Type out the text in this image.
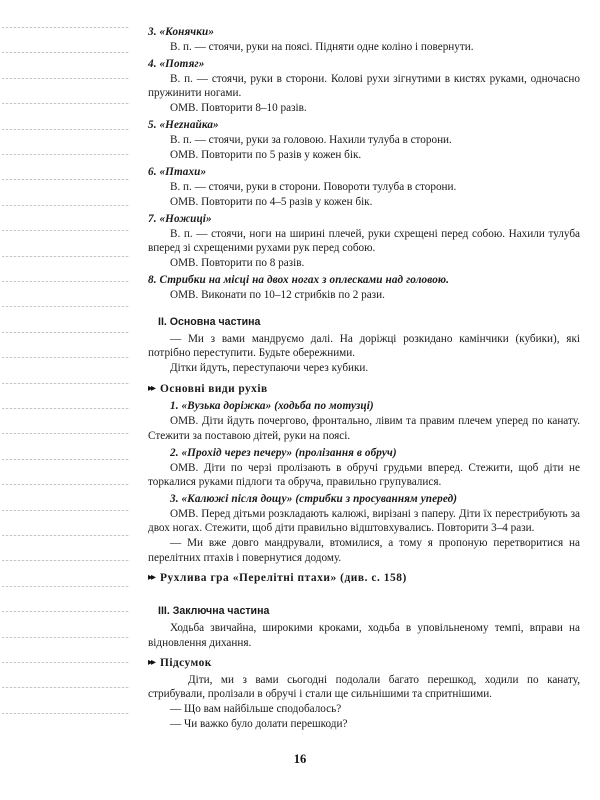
3. «Конячки»

В. п. — стоячи, руки на поясі. Підняти одне коліно і повернути.

4. «Потяг»

В. п. — стоячи, руки в сторони. Колові рухи зігнутими в кистях руками, одночасно пружинити ногами.

ОМВ. Повторити 8–10 разів.

5. «Нezнайка»

В. п. — стоячи, руки за головою. Нахили тулуба в сторони.

ОМВ. Повторити по 5 разів у кожен бік.

6. «Птахи»

В. п. — стоячи, руки в сторони. Повороти тулуба в сторони.

ОМВ. Повторити по 4–5 разів у кожен бік.

7. «Ножиці»

В. п. — стоячи, ноги на ширині плечей, руки схрещені перед собою. Нахили тулуба вперед зі схрещеними рухами рук перед собою.

ОМВ. Повторити по 8 разів.

8. Стрибки на місці на двох ногах з оплесками над головою.

ОМВ. Виконати по 10–12 стрибків по 2 рази.

II. Основна частина

— Ми з вами мандруємо далі. На доріжці розкидано камінчики (кубики), які потрібно переступити. Будьте обережними.

Дітки йдуть, переступаючи через кубики.

▸▸ Основні види рухів

1. «Вузька доріжка» (ходьба по мотузці)

ОМВ. Діти йдуть почергово, фронтально, лівим та правим плечем уперед по канату. Стежити за поставою дітей, руки на поясі.

2. «Прохід через печеру» (пролізання в обруч)

ОМВ. Діти по черзі пролізають в обручі грудьми вперед. Стежити, щоб діти не торкалися руками підлоги та обруча, правильно групувалися.

3. «Калюжі після дощу» (стрибки з просуванням уперед)

ОМВ. Перед дітьми розкладають калюжі, вирізані з паперу. Діти їх перестрибують за двох ногах. Стежити, щоб діти правильно відштовхувались. Повторити 3–4 рази.

— Ми вже довго мандрували, втомилися, а тому я пропоную перетворитися на перелітних птахів і повернутися додому.

▸▸ Рухлива гра «Перелітні птахи» (див. с. 158)
III. Заключна частина

Ходьба звичайна, широкими кроками, ходьба в уповільненому темпі, вправи на відновлення дихання.

▸▸ Підсумок

Діти, ми з вами сьогодні подолали багато перешкод, ходили по канату, стрибували, пролізали в обручі і стали ще сильнішими та спритнішими.

— Що вам найбільше сподобалось?

— Чи важко було долати перешкоди?

16
